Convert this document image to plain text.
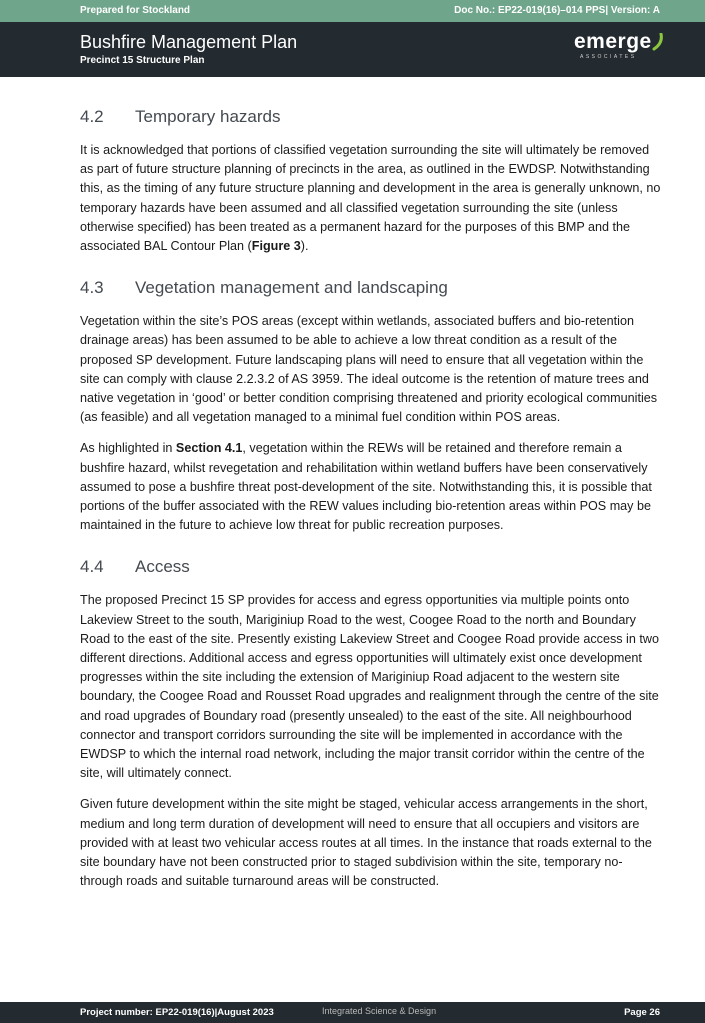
Prepared for Stockland	Doc No.: EP22-019(16)–014 PPS| Version: A
Bushfire Management Plan
Precinct 15 Structure Plan
emerge
ASSOCIATES
4.2	Temporary hazards

It is acknowledged that portions of classified vegetation surrounding the site will ultimately be removed as part of future structure planning of precincts in the area, as outlined in the EWDSP. Notwithstanding this, as the timing of any future structure planning and development in the area is generally unknown, no temporary hazards have been assumed and all classified vegetation surrounding the site (unless otherwise specified) has been treated as a permanent hazard for the purposes of this BMP and the associated BAL Contour Plan (Figure 3).

4.3	Vegetation management and landscaping

Vegetation within the site’s POS areas (except within wetlands, associated buffers and bio-retention drainage areas) has been assumed to be able to achieve a low threat condition as a result of the proposed SP development. Future landscaping plans will need to ensure that all vegetation within the site can comply with clause 2.2.3.2 of AS 3959. The ideal outcome is the retention of mature trees and native vegetation in ‘good’ or better condition comprising threatened and priority ecological communities (as feasible) and all vegetation managed to a minimal fuel condition within POS areas.

As highlighted in Section 4.1, vegetation within the REWs will be retained and therefore remain a bushfire hazard, whilst revegetation and rehabilitation within wetland buffers have been conservatively assumed to pose a bushfire threat post-development of the site. Notwithstanding this, it is possible that portions of the buffer associated with the REW values including bio-retention areas within POS may be maintained in the future to achieve low threat for public recreation purposes.

4.4	Access

The proposed Precinct 15 SP provides for access and egress opportunities via multiple points onto Lakeview Street to the south, Mariginiup Road to the west, Coogee Road to the north and Boundary Road to the east of the site. Presently existing Lakeview Street and Coogee Road provide access in two different directions. Additional access and egress opportunities will ultimately exist once development progresses within the site including the extension of Mariginiup Road adjacent to the western site boundary, the Coogee Road and Rousset Road upgrades and realignment through the centre of the site and road upgrades of Boundary road (presently unsealed) to the east of the site. All neighbourhood connector and transport corridors surrounding the site will be implemented in accordance with the EWDSP to which the internal road network, including the major transit corridor within the centre of the site, will ultimately connect.

Given future development within the site might be staged, vehicular access arrangements in the short, medium and long term duration of development will need to ensure that all occupiers and visitors are provided with at least two vehicular access routes at all times. In the instance that roads external to the site boundary have not been constructed prior to staged subdivision within the site, temporary no-through roads and suitable turnaround areas will be constructed.

Project number: EP22-019(16)|August 2023	Integrated Science & Design	Page 26
